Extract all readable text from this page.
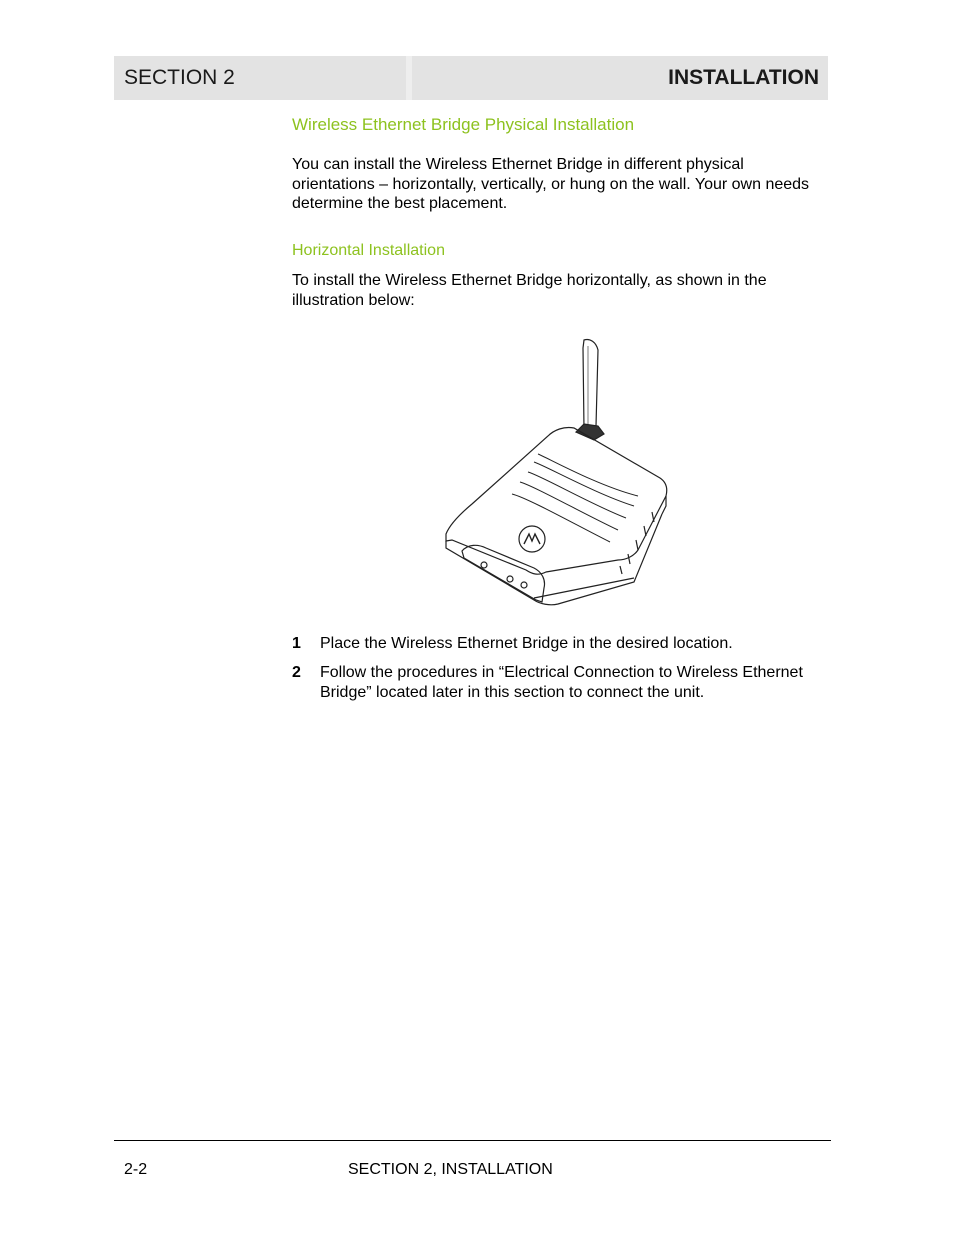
SECTION 2	INSTALLATION
Wireless Ethernet Bridge Physical Installation

You can install the Wireless Ethernet Bridge in different physical orientations – horizontally, vertically, or hung on the wall. Your own needs determine the best placement.

Horizontal Installation

To install the Wireless Ethernet Bridge horizontally, as shown in the illustration below:

1 Place the Wireless Ethernet Bridge in the desired location.
2 Follow the procedures in “Electrical Connection to Wireless Ethernet Bridge” located later in this section to connect the unit.
2-2	SECTION 2, INSTALLATION
